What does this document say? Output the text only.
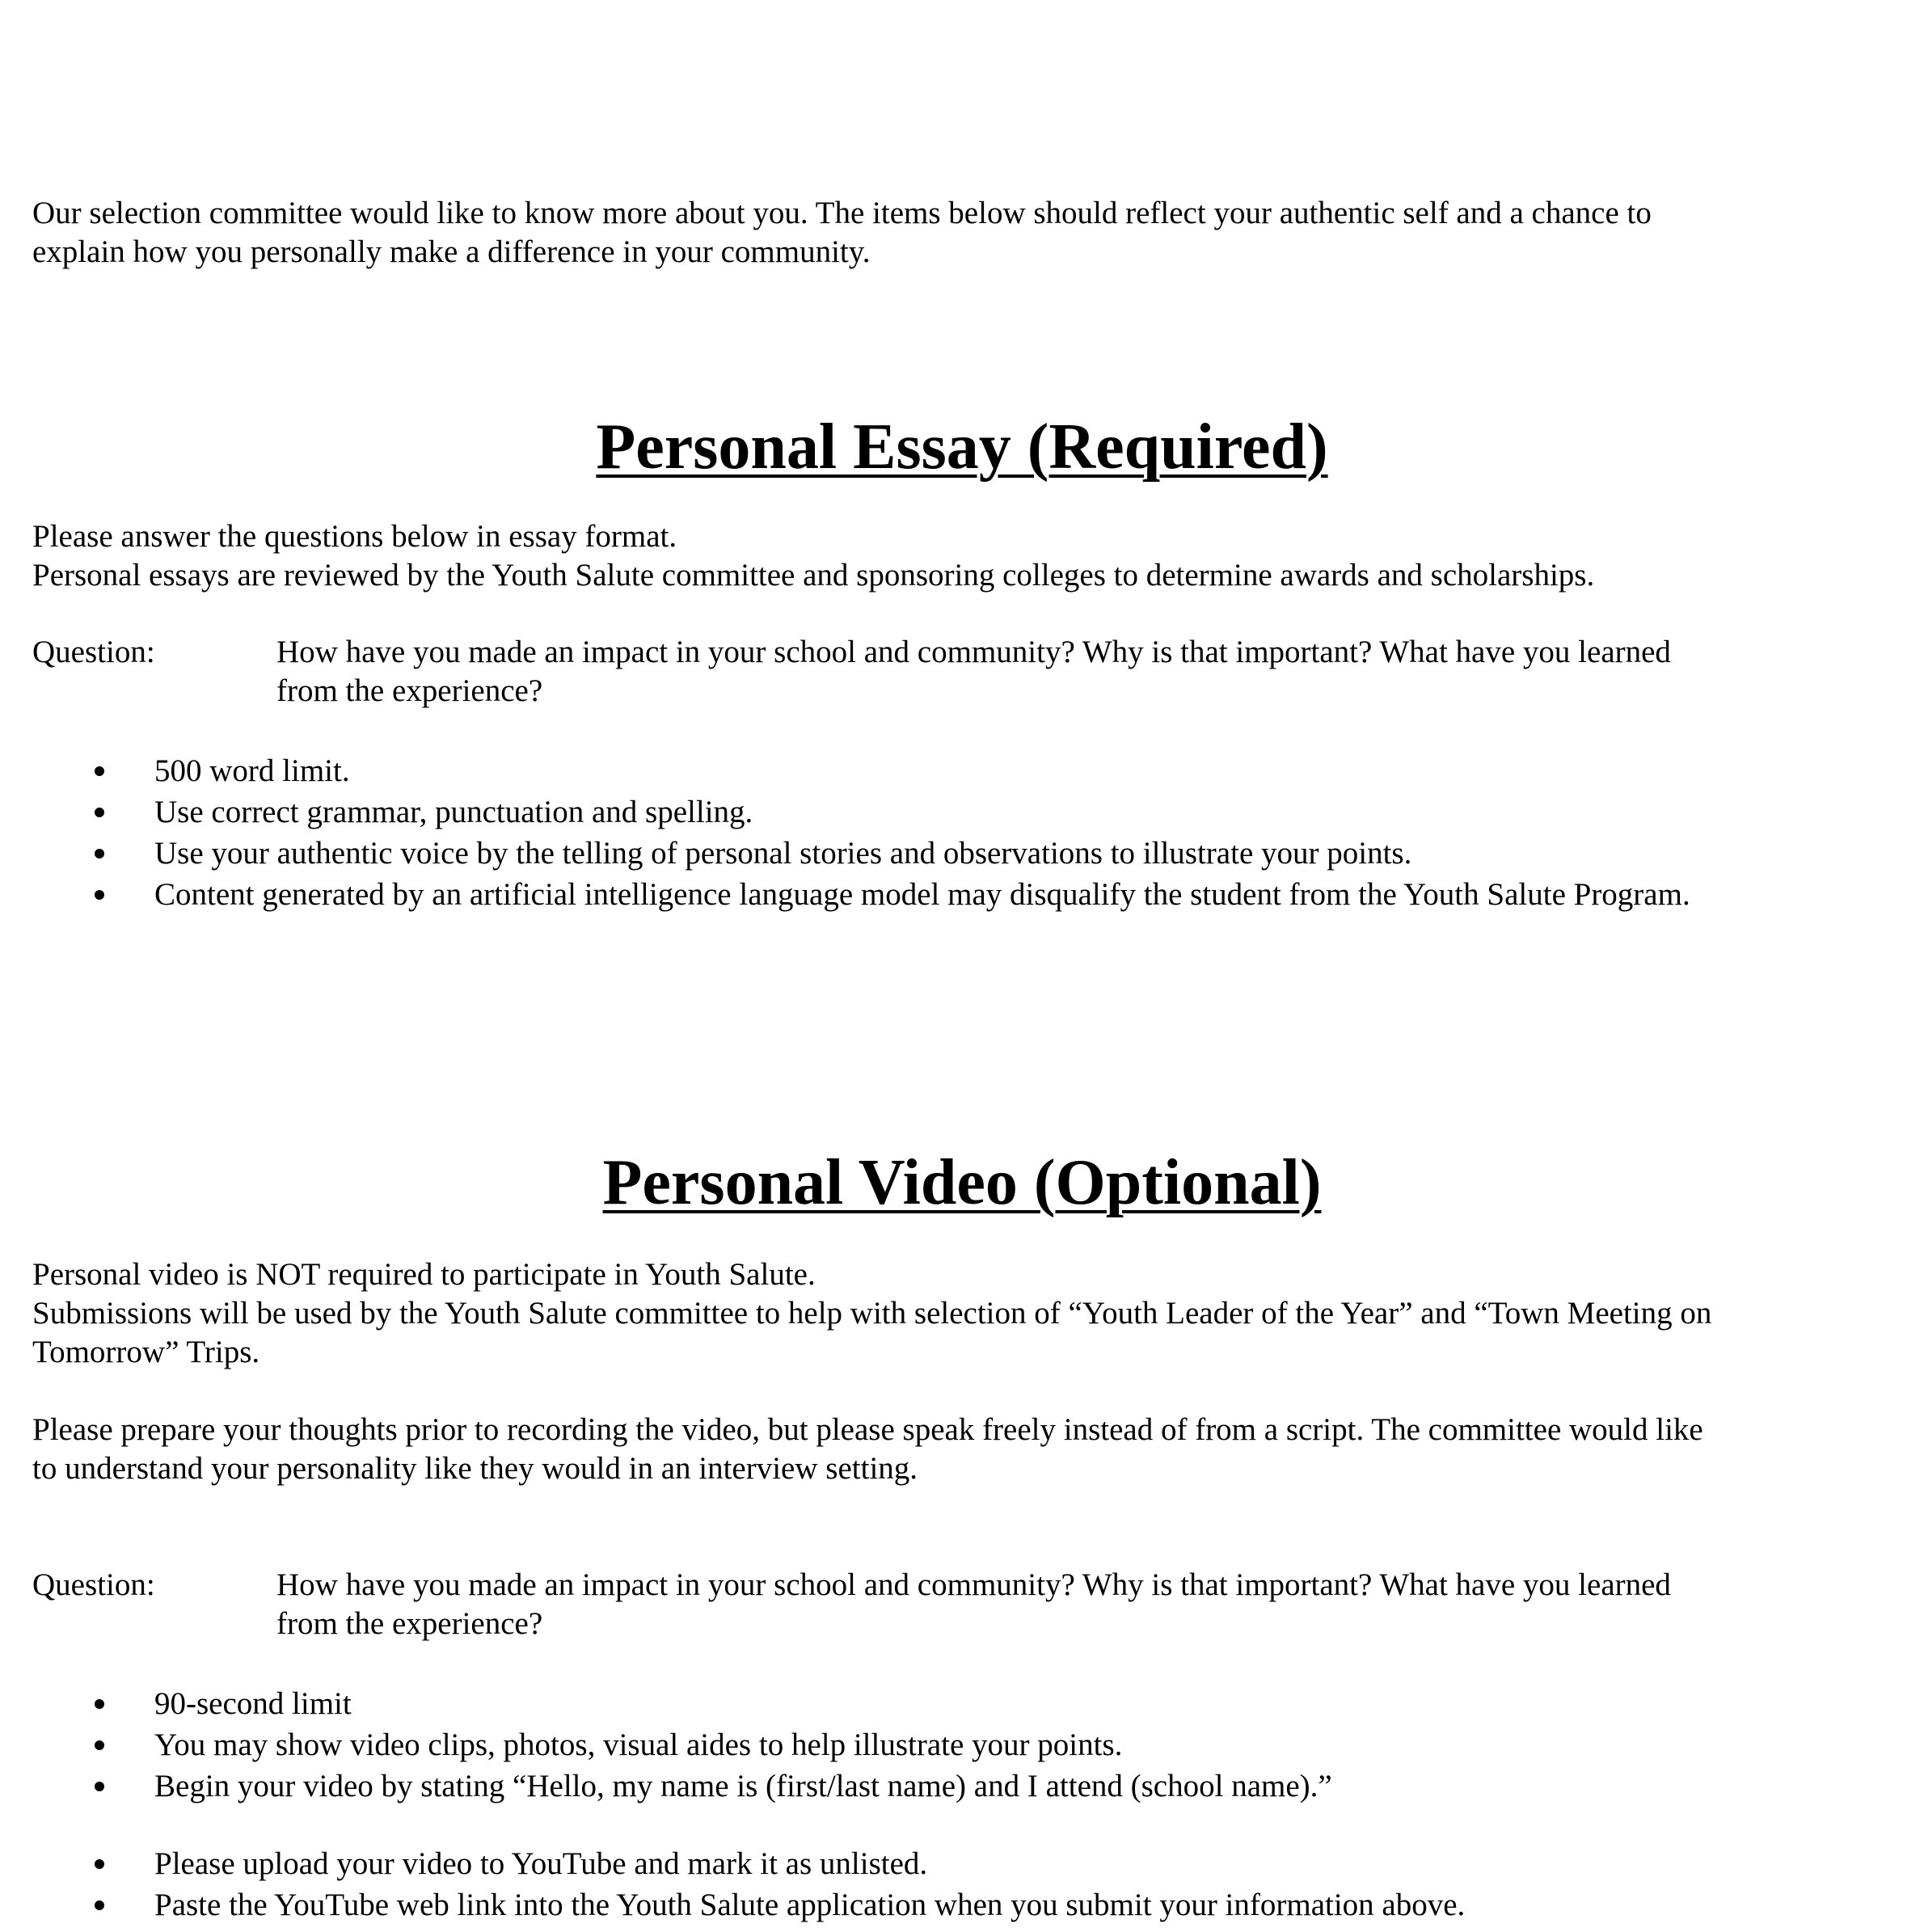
Our selection committee would like to know more about you. The items below should reflect your authentic self and a chance to
explain how you personally make a difference in your community.
Personal Essay (Required)
Please answer the questions below in essay format.
Personal essays are reviewed by the Youth Salute committee and sponsoring colleges to determine awards and scholarships.
Question:	How have you made an impact in your school and community? Why is that important? What have you learned
from the experience?
500 word limit.
Use correct grammar, punctuation and spelling.
Use your authentic voice by the telling of personal stories and observations to illustrate your points.
Content generated by an artificial intelligence language model may disqualify the student from the Youth Salute Program.
Personal Video (Optional)
Personal video is NOT required to participate in Youth Salute.
Submissions will be used by the Youth Salute committee to help with selection of “Youth Leader of the Year” and “Town Meeting on
Tomorrow” Trips.
Please prepare your thoughts prior to recording the video, but please speak freely instead of from a script. The committee would like
to understand your personality like they would in an interview setting.
Question:	How have you made an impact in your school and community? Why is that important? What have you learned
from the experience?
90-second limit
You may show video clips, photos, visual aides to help illustrate your points.
Begin your video by stating “Hello, my name is (first/last name) and I attend (school name).”
Please upload your video to YouTube and mark it as unlisted.
Paste the YouTube web link into the Youth Salute application when you submit your information above.
